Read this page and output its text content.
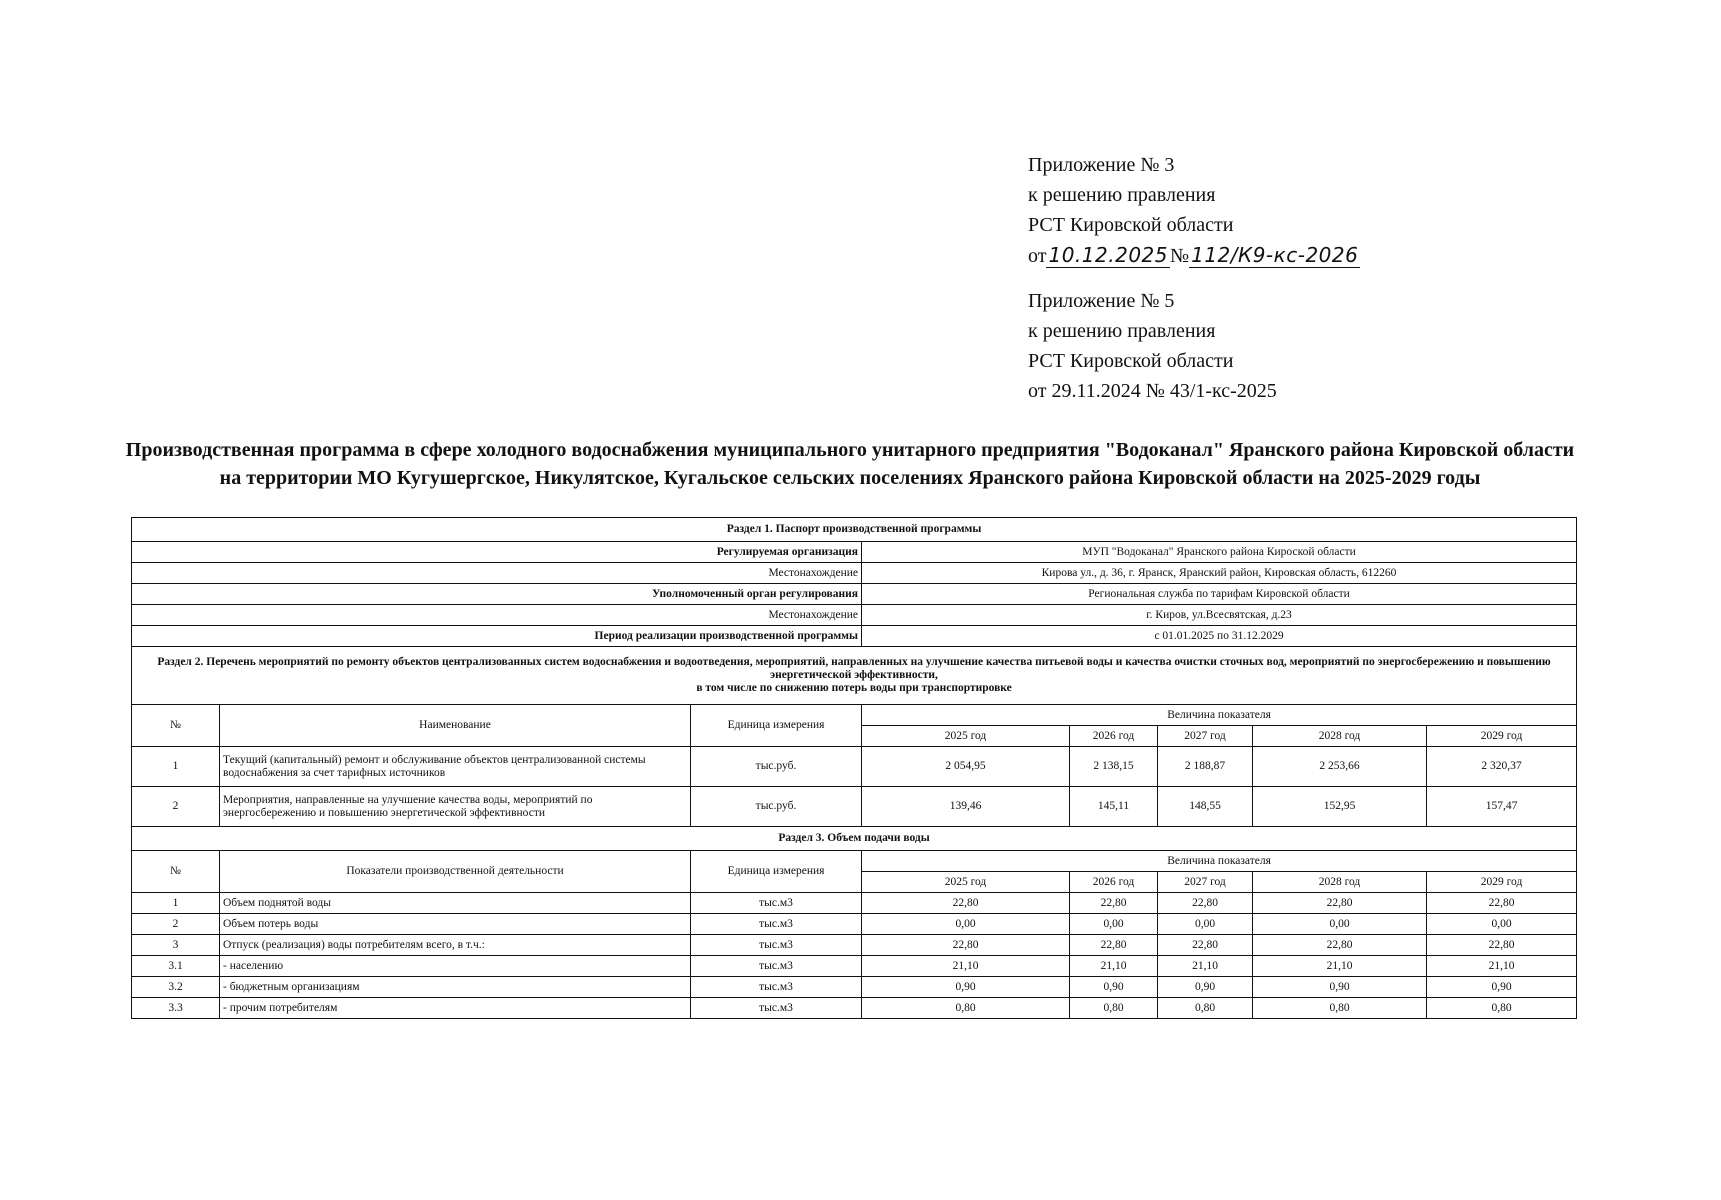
Приложение № 3
к решению правления
РСТ Кировской области
от 10.12.2025 № 112/К9-кс-2026
Приложение № 5
к решению правления
РСТ Кировской области
от 29.11.2024 № 43/1-кс-2025
Производственная программа в сфере холодного водоснабжения муниципального унитарного предприятия "Водоканал" Яранского района Кировской области на территории МО Кугушергское, Никулятское, Кугальское сельских поселениях Яранского района Кировской области на 2025-2029 годы
Раздел 1. Паспорт производственной программы							
Регулируемая организация			МУП "Водоканал" Яранского района Кироской области				
Местонахождение			Кирова ул., д. 36, г. Яранск, Яранский район, Кировская область, 612260				
Уполномоченный орган регулирования			Региональная служба по тарифам Кировской области				
Местонахождение			г. Киров, ул.Всесвятская, д.23				
Период реализации производственной программы			с 01.01.2025 по 31.12.2029				

Раздел 2. Перечень мероприятий по ремонту объектов централизованных систем водоснабжения и водоотведения, мероприятий, направленных на улучшение качества питьевой воды и качества очистки сточных вод, мероприятий по энергосбережению и повышению энергетической эффективности,
в том числе по снижению потерь воды при транспортировке							

№	Наименование	Единица измерения	Величина показателя				
			2025 год	2026 год	2027 год	2028 год	2029 год
1	Текущий (капитальный) ремонт и обслуживание объектов централизованной системы водоснабжения за счет тарифных источников	тыс.руб.	2 054,95	2 138,15	2 188,87	2 253,66	2 320,37
2	Мероприятия, направленные на улучшение качества воды, мероприятий по энергосбережению и повышению энергетической эффективности	тыс.руб.	139,46	145,11	148,55	152,95	157,47
Раздел 3. Объем подачи воды							
№	Показатели производственной деятельности	Единица измерения	Величина показателя				
			2025 год	2026 год	2027 год	2028 год	2029 год
1	Объем поднятой воды	тыс.м3	22,80	22,80	22,80	22,80	22,80
2	Объем потерь воды	тыс.м3	0,00	0,00	0,00	0,00	0,00
3	Отпуск (реализация) воды потребителям всего, в т.ч.:	тыс.м3	22,80	22,80	22,80	22,80	22,80
3.1	- населению	тыс.м3	21,10	21,10	21,10	21,10	21,10
3.2	- бюджетным организациям	тыс.м3	0,90	0,90	0,90	0,90	0,90
3.3	- прочим потребителям	тыс.м3	0,80	0,80	0,80	0,80	0,80
